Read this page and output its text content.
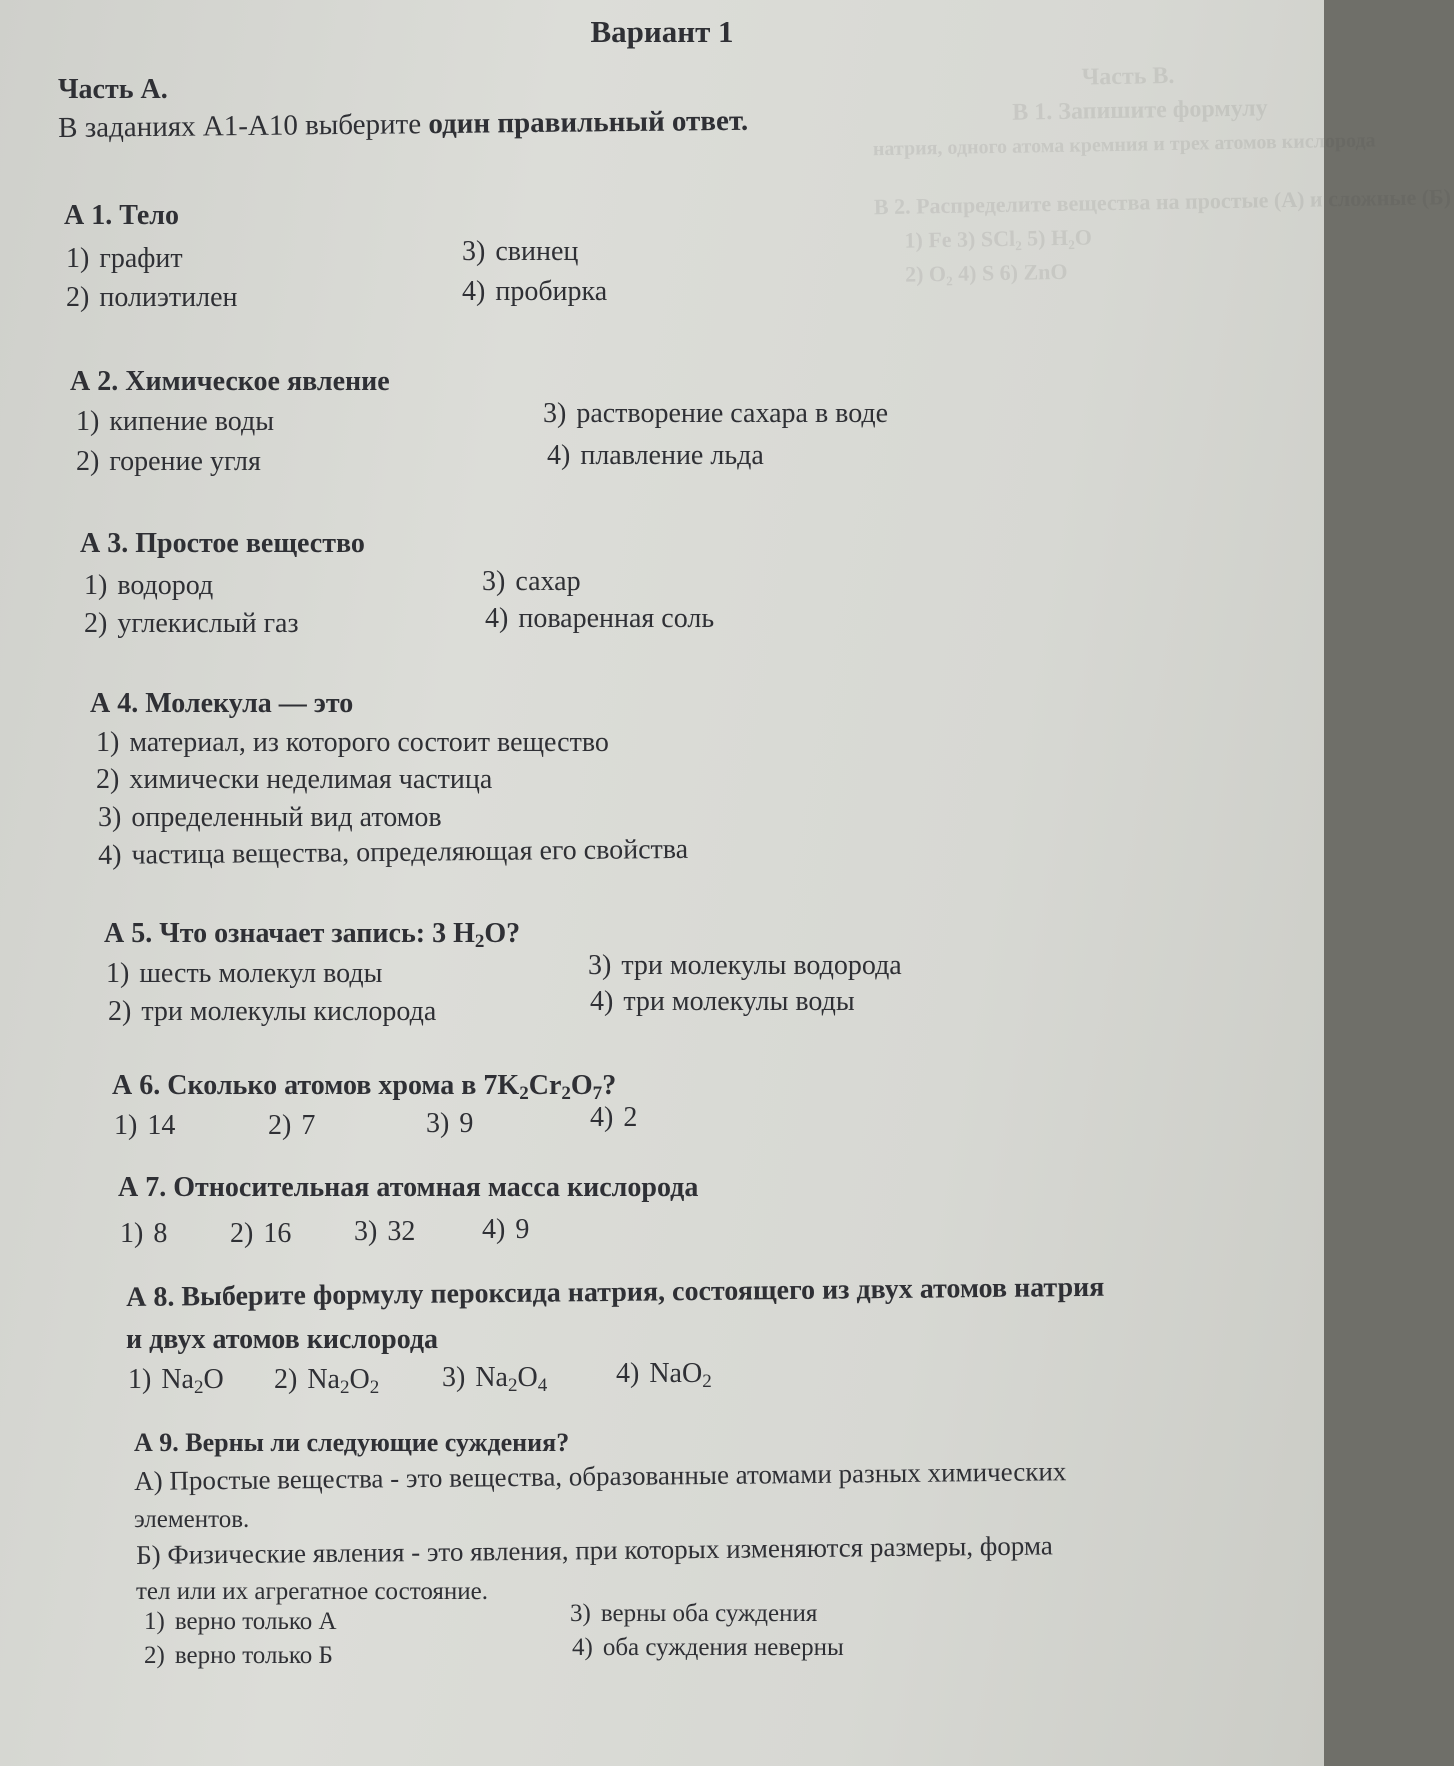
Часть В.
В 1. Запишите формулу
натрия, одного атома кремния и трех атомов кислорода
В 2. Распределите вещества на простые (А) и сложные (Б)
1) Fe 3) SCl₂ 5) H₂O
2) O₂ 4) S 6) ZnO
Вариант 1
Часть А.
В заданиях А1-А10 выберите один правильный ответ.
А 1. Тело
1) графит
2) полиэтилен
3) свинец
4) пробирка
А 2. Химическое явление
1) кипение воды
2) горение угля
3) растворение сахара в воде
4) плавление льда
А 3. Простое вещество
1) водород
2) углекислый газ
3) сахар
4) поваренная соль
А 4. Молекула — это
1) материал, из которого состоит вещество
2) химически неделимая частица
3) определенный вид атомов
4) частица вещества, определяющая его свойства
А 5. Что означает запись: 3 $Н_2О$?
1) шесть молекул воды
2) три молекулы кислорода
3) три молекулы водорода
4) три молекулы воды
А 6. Сколько атомов хрома в $7K_2Cr_2O_7$?
1) 14	2) 7	3) 9	4) 2
А 7. Относительная атомная масса кислорода
1) 8 2) 16 3) 32 4) 9
А 8. Выберите формулу пероксида натрия, состоящего из двух атомов натрия
и двух атомов кислорода
1) $Na_2O$ 2) $Na_2O_2$ 3) $Na_2O_4$ 4) NaO$_2$
А 9. Верны ли следующие суждения?
А) Простые вещества - это вещества, образованные атомами разных химических
элементов.
Б) Физические явления - это явления, при которых изменяются размеры, форма
тел или их агрегатное состояние.
1) верно только А
2) верно только Б
3) верны оба суждения
4) оба суждения неверны
